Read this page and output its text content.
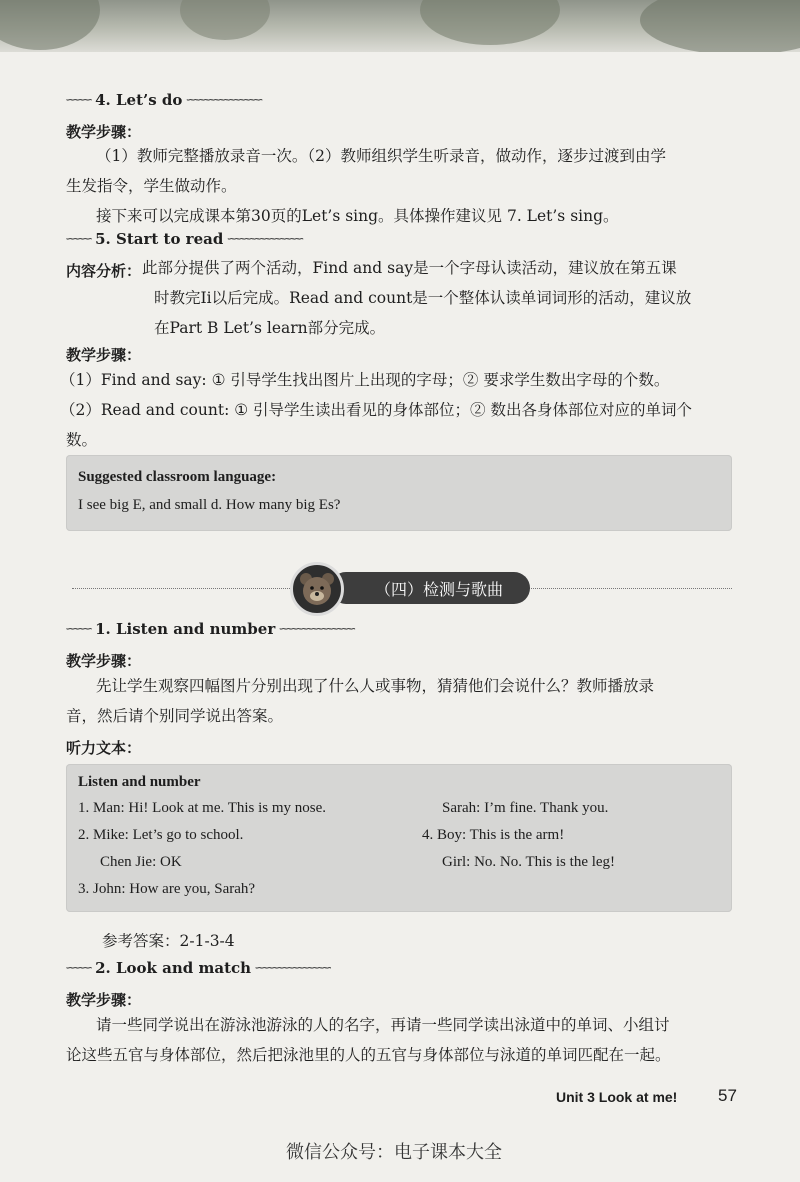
∽∽∽∽∽ 4. Let’s do ∽∽∽∽∽∽∽∽∽∽∽∽∽∽∽
教学步骤：
（1）教师完整播放录音一次。（2）教师组织学生听录音，做动作，逐步过渡到由学
生发指令，学生做动作。
接下来可以完成课本第30页的Let’s sing。具体操作建议见 7. Let’s sing。
∽∽∽∽∽ 5. Start to read ∽∽∽∽∽∽∽∽∽∽∽∽∽∽∽
内容分析： 此部分提供了两个活动，Find and say是一个字母认读活动，建议放在第五课
时教完Ii以后完成。Read and count是一个整体认读单词词形的活动，建议放
在Part B Let’s learn部分完成。
教学步骤：
（1）Find and say: ① 引导学生找出图片上出现的字母；② 要求学生数出字母的个数。
（2）Read and count: ① 引导学生读出看见的身体部位；② 数出各身体部位对应的单词个
数。
Suggested classroom language:
I see big E, and small d. How many big Es?
（四）检测与歌曲
∽∽∽∽∽ 1. Listen and number ∽∽∽∽∽∽∽∽∽∽∽∽∽∽∽
教学步骤：
先让学生观察四幅图片分别出现了什么人或事物，猜猜他们会说什么？教师播放录
音，然后请个别同学说出答案。
听力文本：
Listen and number
1. Man: Hi! Look at me. This is my nose.
2. Mike: Let’s go to school.
Chen Jie: OK
3. John: How are you, Sarah?
Sarah: I’m fine. Thank you.
4. Boy: This is the arm!
Girl: No. No. This is the leg!
参考答案：2-1-3-4
∽∽∽∽∽ 2. Look and match ∽∽∽∽∽∽∽∽∽∽∽∽∽∽∽
教学步骤：
请一些同学说出在游泳池游泳的人的名字，再请一些同学读出泳道中的单词、小组讨
论这些五官与身体部位，然后把泳池里的人的五官与身体部位与泳道的单词匹配在一起。
Unit 3 Look at me! 57
微信公众号：电子课本大全
